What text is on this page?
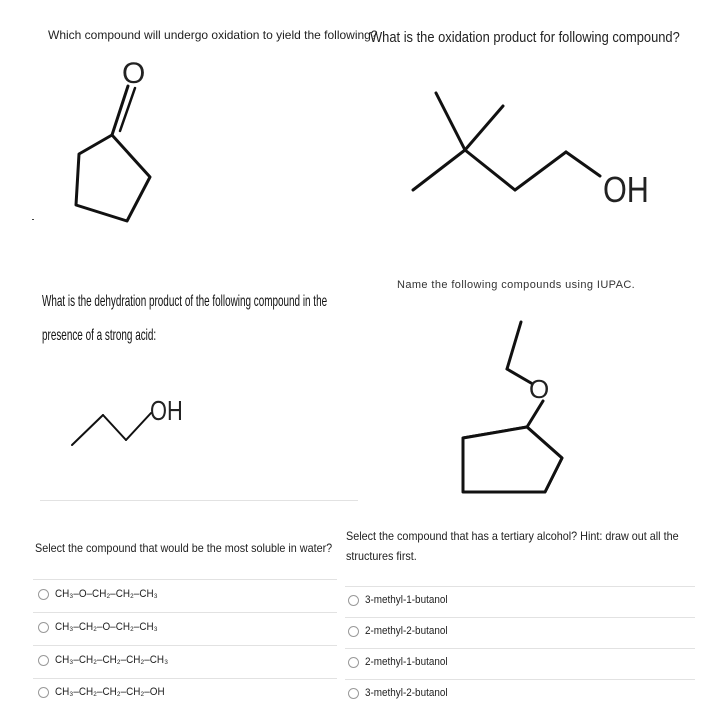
Which compound will undergo oxidation to yield the following?
O
What is the oxidation product for following compound?
OH
What is the dehydration product of the following compound in the presence of a strong acid:
OH
Name the following compounds using IUPAC.
O
Select the compound that would be the most soluble in water?
CH₃–O–CH₂–CH₂–CH₃
CH₃–CH₂–O–CH₂–CH₃
CH₃–CH₂–CH₂–CH₂–CH₃
CH₃–CH₂–CH₂–CH₂–OH
Select the compound that has a tertiary alcohol? Hint: draw out all the structures first.
3-methyl-1-butanol
2-methyl-2-butanol
2-methyl-1-butanol
3-methyl-2-butanol
